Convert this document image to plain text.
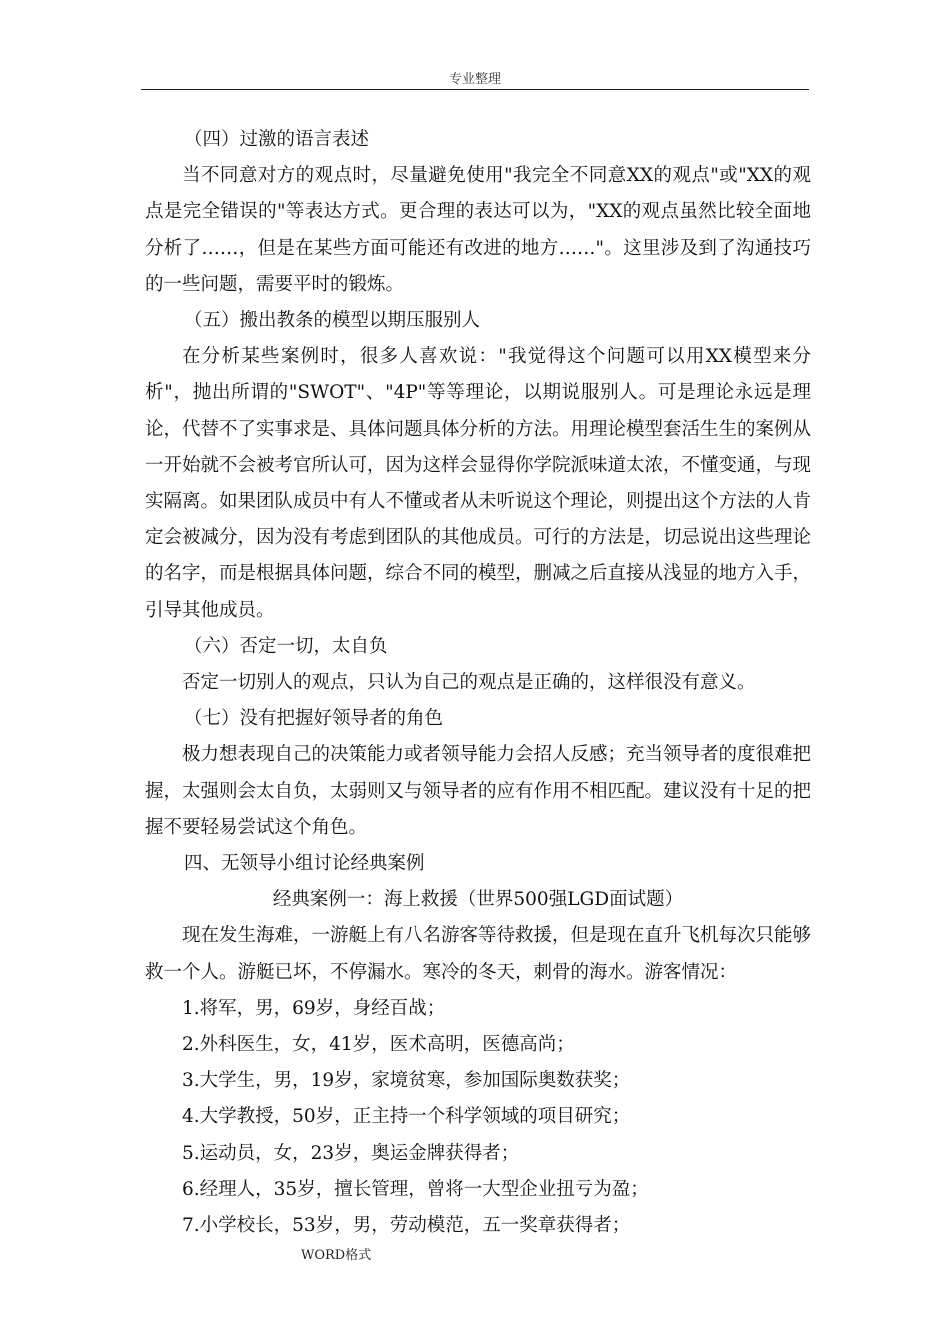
专业整理

（四）过激的语言表述

当不同意对方的观点时，尽量避免使用"我完全不同意XX的观点"或"XX的观点是完全错误的"等表达方式。更合理的表达可以为，"XX的观点虽然比较全面地分析了……，但是在某些方面可能还有改进的地方……"。这里涉及到了沟通技巧的一些问题，需要平时的锻炼。

（五）搬出教条的模型以期压服别人

在分析某些案例时，很多人喜欢说："我觉得这个问题可以用XX模型来分析"，抛出所谓的"SWOT"、"4P"等等理论，以期说服别人。可是理论永远是理论，代替不了实事求是、具体问题具体分析的方法。用理论模型套活生生的案例从一开始就不会被考官所认可，因为这样会显得你学院派味道太浓，不懂变通，与现实隔离。如果团队成员中有人不懂或者从未听说这个理论，则提出这个方法的人肯定会被减分，因为没有考虑到团队的其他成员。可行的方法是，切忌说出这些理论的名字，而是根据具体问题，综合不同的模型，删减之后直接从浅显的地方入手，引导其他成员。

（六）否定一切，太自负

否定一切别人的观点，只认为自己的观点是正确的，这样很没有意义。

（七）没有把握好领导者的角色

极力想表现自己的决策能力或者领导能力会招人反感；充当领导者的度很难把握，太强则会太自负，太弱则又与领导者的应有作用不相匹配。建议没有十足的把握不要轻易尝试这个角色。

四、无领导小组讨论经典案例

经典案例一：海上救援（世界500强LGD面试题）

现在发生海难，一游艇上有八名游客等待救援，但是现在直升飞机每次只能够救一个人。游艇已坏，不停漏水。寒冷的冬天，刺骨的海水。游客情况：

1.将军，男，69岁，身经百战；

2.外科医生，女，41岁，医术高明，医德高尚；

3.大学生，男，19岁，家境贫寒，参加国际奥数获奖；

4.大学教授，50岁，正主持一个科学领域的项目研究；

5.运动员，女，23岁，奥运金牌获得者；

6.经理人，35岁，擅长管理，曾将一大型企业扭亏为盈；

7.小学校长，53岁，男，劳动模范，五一奖章获得者；

WORD格式
